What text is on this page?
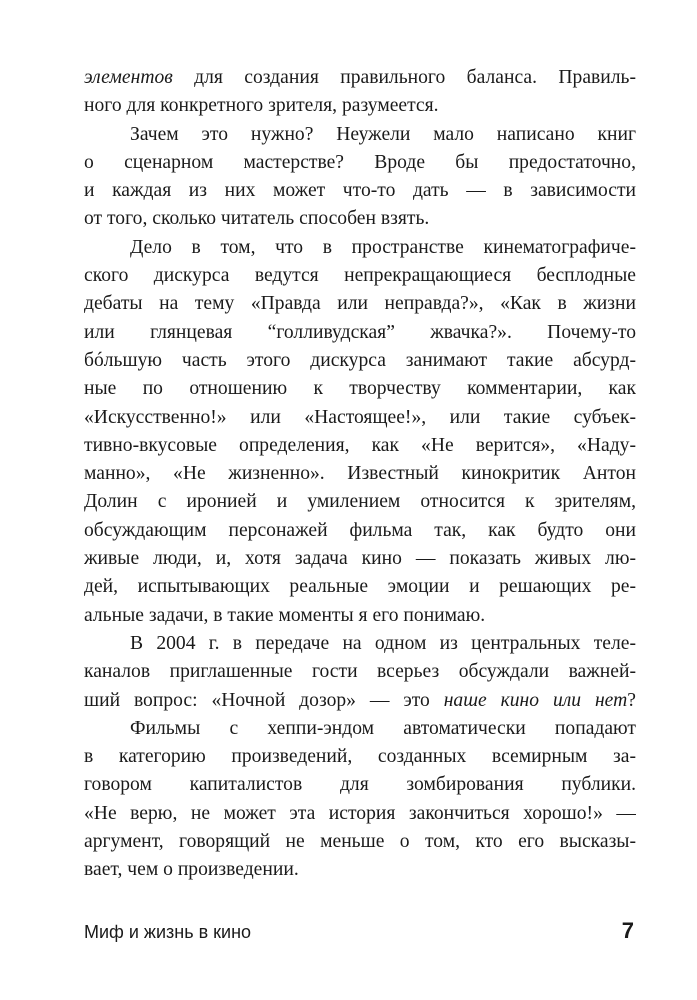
элементов для создания правильного баланса. Правиль-
ного для конкретного зрителя, разумеется.
Зачем это нужно? Неужели мало написано книг
о сценарном мастерстве? Вроде бы предостаточно,
и каждая из них может что-то дать — в зависимости
от того, сколько читатель способен взять.
Дело в том, что в пространстве кинематографиче-
ского дискурса ведутся непрекращающиеся бесплодные
дебаты на тему «Правда или неправда?», «Как в жизни
или глянцевая “голливудская” жвачка?». Почему-то
бóльшую часть этого дискурса занимают такие абсурд-
ные по отношению к творчеству комментарии, как
«Искусственно!» или «Настоящее!», или такие субъек-
тивно-вкусовые определения, как «Не верится», «Наду-
манно», «Не жизненно». Известный кинокритик Антон
Долин с иронией и умилением относится к зрителям,
обсуждающим персонажей фильма так, как будто они
живые люди, и, хотя задача кино — показать живых лю-
дей, испытывающих реальные эмоции и решающих ре-
альные задачи, в такие моменты я его понимаю.
В 2004 г. в передаче на одном из центральных теле-
каналов приглашенные гости всерьез обсуждали важней-
ший вопрос: «Ночной дозор» — это наше кино или нет?
Фильмы с хеппи-эндом автоматически попадают
в категорию произведений, созданных всемирным за-
говором капиталистов для зомбирования публики.
«Не верю, не может эта история закончиться хорошо!» —
аргумент, говорящий не меньше о том, кто его высказы-
вает, чем о произведении.
Миф и жизнь в кино	7
